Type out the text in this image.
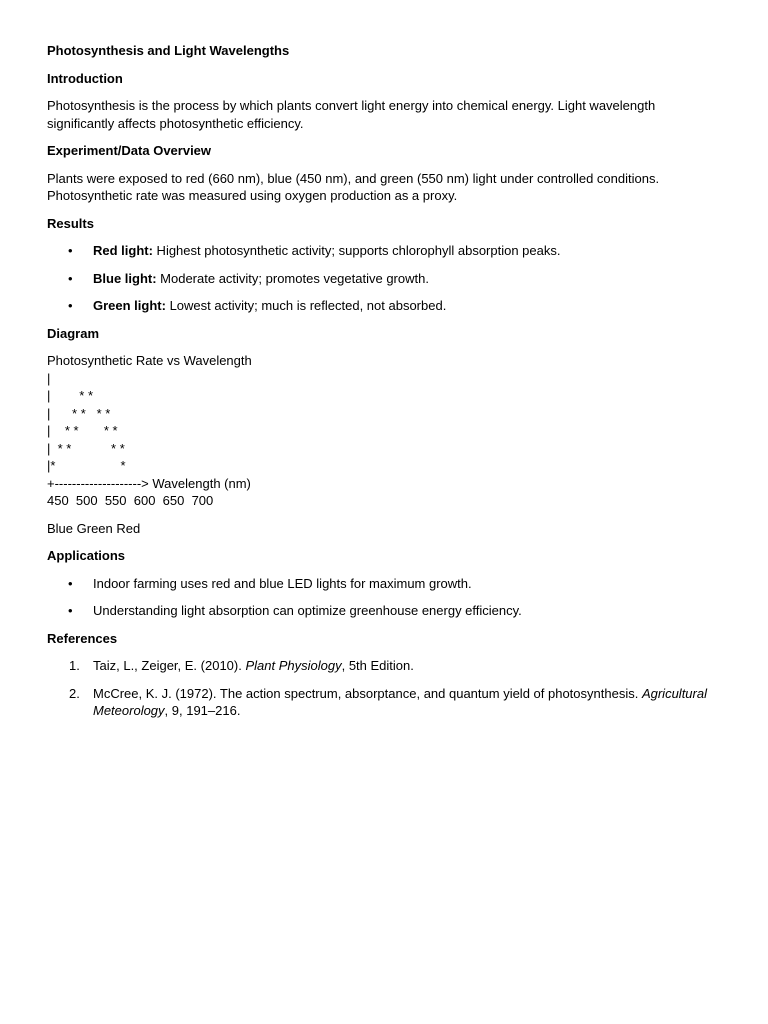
Photosynthesis and Light Wavelengths

Introduction

Photosynthesis is the process by which plants convert light energy into chemical energy. Light wavelength significantly affects photosynthetic efficiency.

Experiment/Data Overview

Plants were exposed to red (660 nm), blue (450 nm), and green (550 nm) light under controlled conditions. Photosynthetic rate was measured using oxygen production as a proxy.

Results

• Red light: Highest photosynthetic activity; supports chlorophyll absorption peaks.
• Blue light: Moderate activity; promotes vegetative growth.
• Green light: Lowest activity; much is reflected, not absorbed.

Diagram

Photosynthetic Rate vs Wavelength

|

|        * *

|      * *   * *

|    * *       * *

|  * *           * *

|*                  *

+--------------------> Wavelength (nm)

450  500  550  600  650  700

Blue Green Red

Applications

• Indoor farming uses red and blue LED lights for maximum growth.
• Understanding light absorption can optimize greenhouse energy efficiency.

References

1. Taiz, L., Zeiger, E. (2010). Plant Physiology, 5th Edition.
2. McCree, K. J. (1972). The action spectrum, absorptance, and quantum yield of photosynthesis. Agricultural Meteorology, 9, 191–216.
